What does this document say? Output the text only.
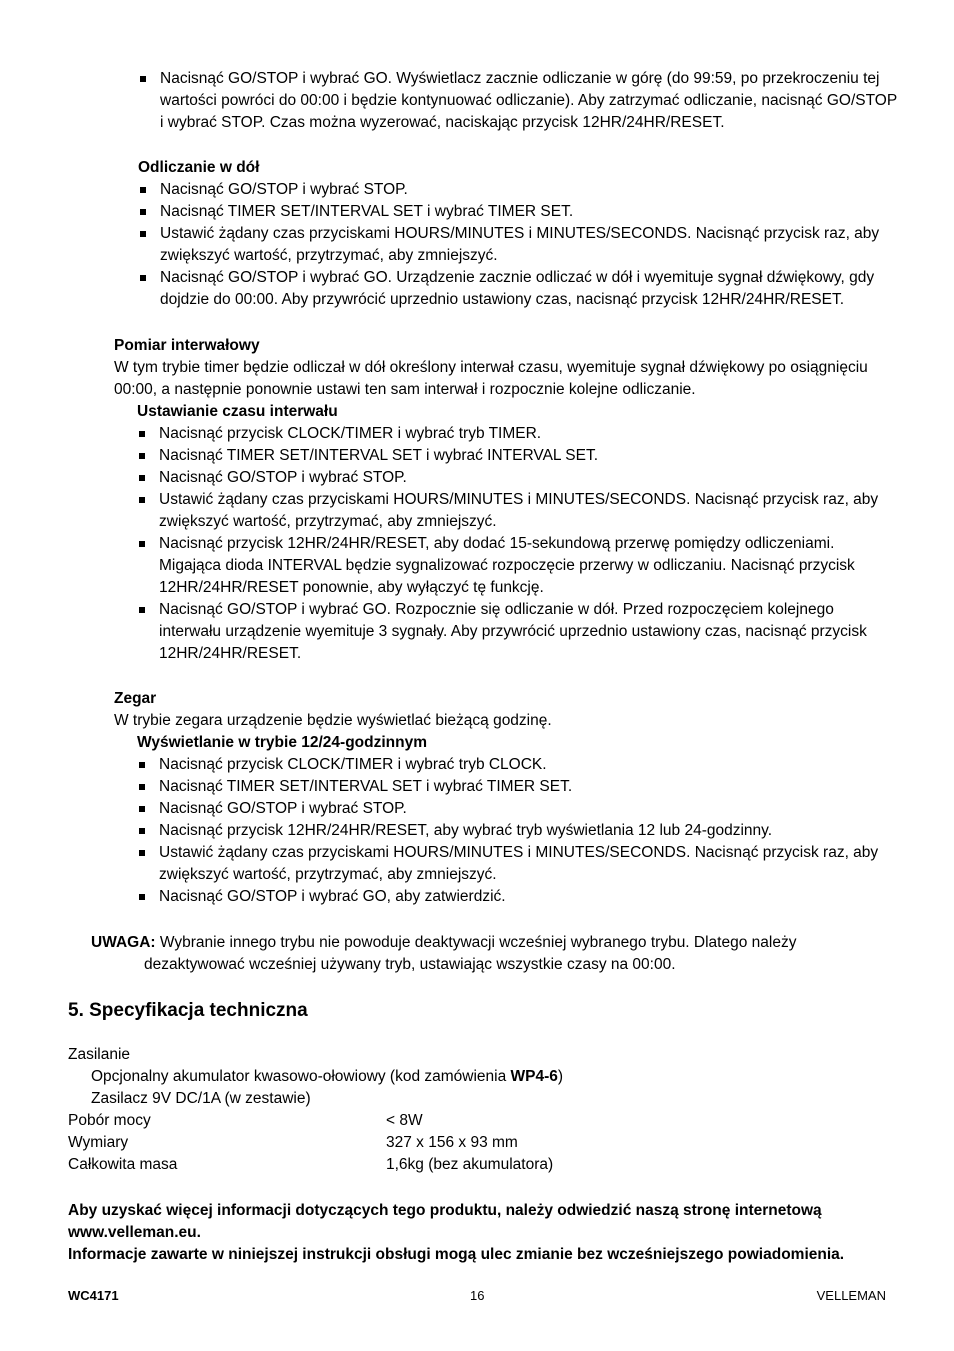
Nacisnąć GO/STOP i wybrać GO. Wyświetlacz zacznie odliczanie w górę (do 99:59, po przekroczeniu tej wartości powróci do 00:00 i będzie kontynuować odliczanie). Aby zatrzymać odliczanie, nacisnąć GO/STOP i wybrać STOP. Czas można wyzerować, naciskając przycisk 12HR/24HR/RESET.
Odliczanie w dół
Nacisnąć GO/STOP i wybrać STOP.
Nacisnąć TIMER SET/INTERVAL SET i wybrać TIMER SET.
Ustawić żądany czas przyciskami HOURS/MINUTES i MINUTES/SECONDS. Nacisnąć przycisk raz, aby zwiększyć wartość, przytrzymać, aby zmniejszyć.
Nacisnąć GO/STOP i wybrać GO. Urządzenie zacznie odliczać w dół i wyemituje sygnał dźwiękowy, gdy dojdzie do 00:00. Aby przywrócić uprzednio ustawiony czas, nacisnąć przycisk 12HR/24HR/RESET.
Pomiar interwałowy
W tym trybie timer będzie odliczał w dół określony interwał czasu, wyemituje sygnał dźwiękowy po osiągnięciu 00:00, a następnie ponownie ustawi ten sam interwał i rozpocznie kolejne odliczanie.
Ustawianie czasu interwału
Nacisnąć przycisk CLOCK/TIMER i wybrać tryb TIMER.
Nacisnąć TIMER SET/INTERVAL SET i wybrać INTERVAL SET.
Nacisnąć GO/STOP i wybrać STOP.
Ustawić żądany czas przyciskami HOURS/MINUTES i MINUTES/SECONDS. Nacisnąć przycisk raz, aby zwiększyć wartość, przytrzymać, aby zmniejszyć.
Nacisnąć przycisk 12HR/24HR/RESET, aby dodać 15-sekundową przerwę pomiędzy odliczeniami. Migająca dioda INTERVAL będzie sygnalizować rozpoczęcie przerwy w odliczaniu. Nacisnąć przycisk 12HR/24HR/RESET ponownie, aby wyłączyć tę funkcję.
Nacisnąć GO/STOP i wybrać GO. Rozpocznie się odliczanie w dół. Przed rozpoczęciem kolejnego interwału urządzenie wyemituje 3 sygnały. Aby przywrócić uprzednio ustawiony czas, nacisnąć przycisk 12HR/24HR/RESET.
Zegar
W trybie zegara urządzenie będzie wyświetlać bieżącą godzinę.
Wyświetlanie w trybie 12/24-godzinnym
Nacisnąć przycisk CLOCK/TIMER i wybrać tryb CLOCK.
Nacisnąć TIMER SET/INTERVAL SET i wybrać TIMER SET.
Nacisnąć GO/STOP i wybrać STOP.
Nacisnąć przycisk 12HR/24HR/RESET, aby wybrać tryb wyświetlania 12 lub 24-godzinny.
Ustawić żądany czas przyciskami HOURS/MINUTES i MINUTES/SECONDS. Nacisnąć przycisk raz, aby zwiększyć wartość, przytrzymać, aby zmniejszyć.
Nacisnąć GO/STOP i wybrać GO, aby zatwierdzić.
UWAGA: Wybranie innego trybu nie powoduje deaktywacji wcześniej wybranego trybu. Dlatego należy dezaktywować wcześniej używany tryb, ustawiając wszystkie czasy na 00:00.
5. Specyfikacja techniczna
Zasilanie
Opcjonalny akumulator kwasowo-ołowiowy (kod zamówienia WP4-6)
Zasilacz 9V DC/1A (w zestawie)
Pobór mocy	< 8W
Wymiary	327 x 156 x 93 mm
Całkowita masa	1,6kg (bez akumulatora)
Aby uzyskać więcej informacji dotyczących tego produktu, należy odwiedzić naszą stronę internetową www.velleman.eu.
Informacje zawarte w niniejszej instrukcji obsługi mogą ulec zmianie bez wcześniejszego powiadomienia.
WC4171	16	VELLEMAN
